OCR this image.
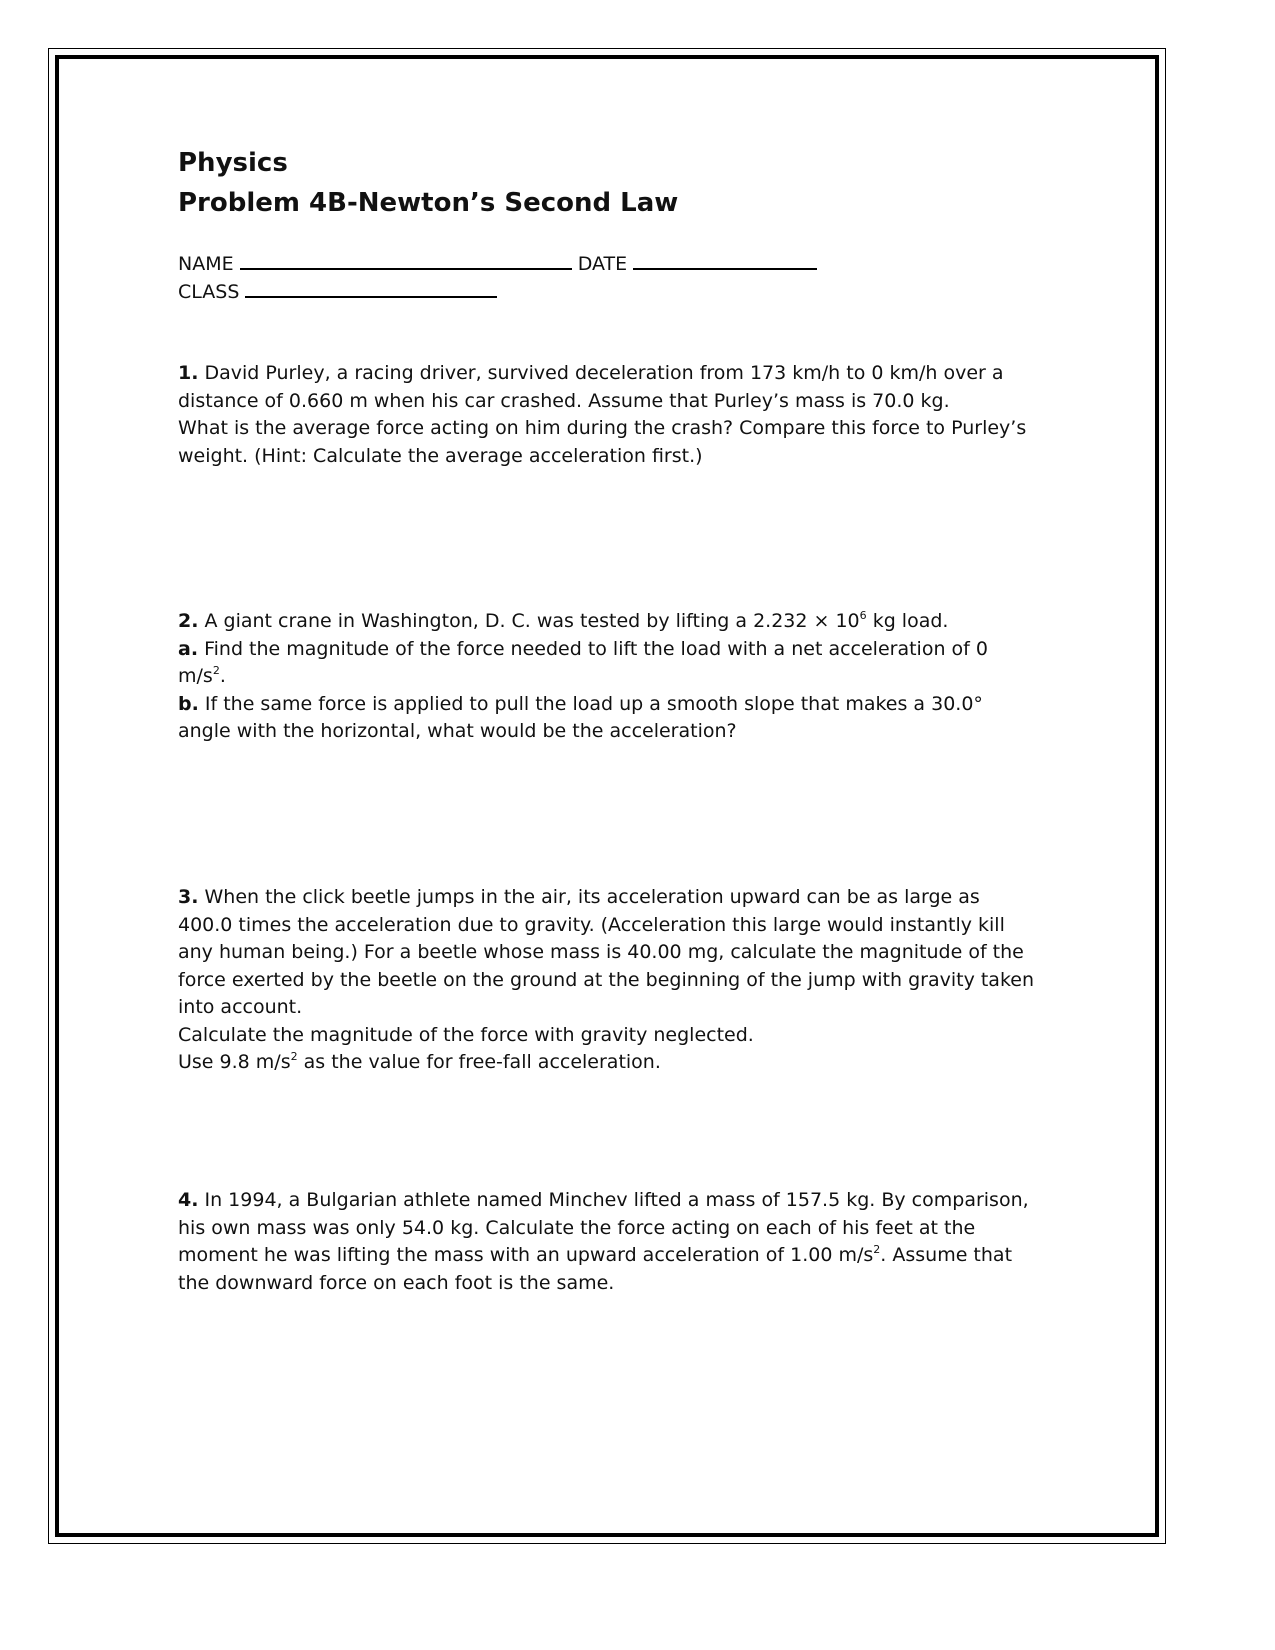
Physics
Problem 4B-Newton’s Second Law
NAME	DATE
CLASS

1. David Purley, a racing driver, survived deceleration from 173 km/h to 0 km/h over a distance of 0.660 m when his car crashed. Assume that Purley’s mass is 70.0 kg.

What is the average force acting on him during the crash? Compare this force to Purley’s weight. (Hint: Calculate the average acceleration first.)

2. A giant crane in Washington, D. C. was tested by lifting a $2.232 \times 10^6$ kg load.

a. Find the magnitude of the force needed to lift the load with a net acceleration of 0 $m/s^2$.

b. If the same force is applied to pull the load up a smooth slope that makes a 30.0° angle with the horizontal, what would be the acceleration?

3. When the click beetle jumps in the air, its acceleration upward can be as large as 400.0 times the acceleration due to gravity. (Acceleration this large would instantly kill any human being.) For a beetle whose mass is 40.00 mg, calculate the magnitude of the force exerted by the beetle on the ground at the beginning of the jump with gravity taken into account.

Calculate the magnitude of the force with gravity neglected.

Use 9.8 $m/s^2$ as the value for free-fall acceleration.

4. In 1994, a Bulgarian athlete named Minchev lifted a mass of 157.5 kg. By comparison, his own mass was only 54.0 kg. Calculate the force acting on each of his feet at the moment he was lifting the mass with an upward acceleration of 1.00 $m/s^2$. Assume that the downward force on each foot is the same.
